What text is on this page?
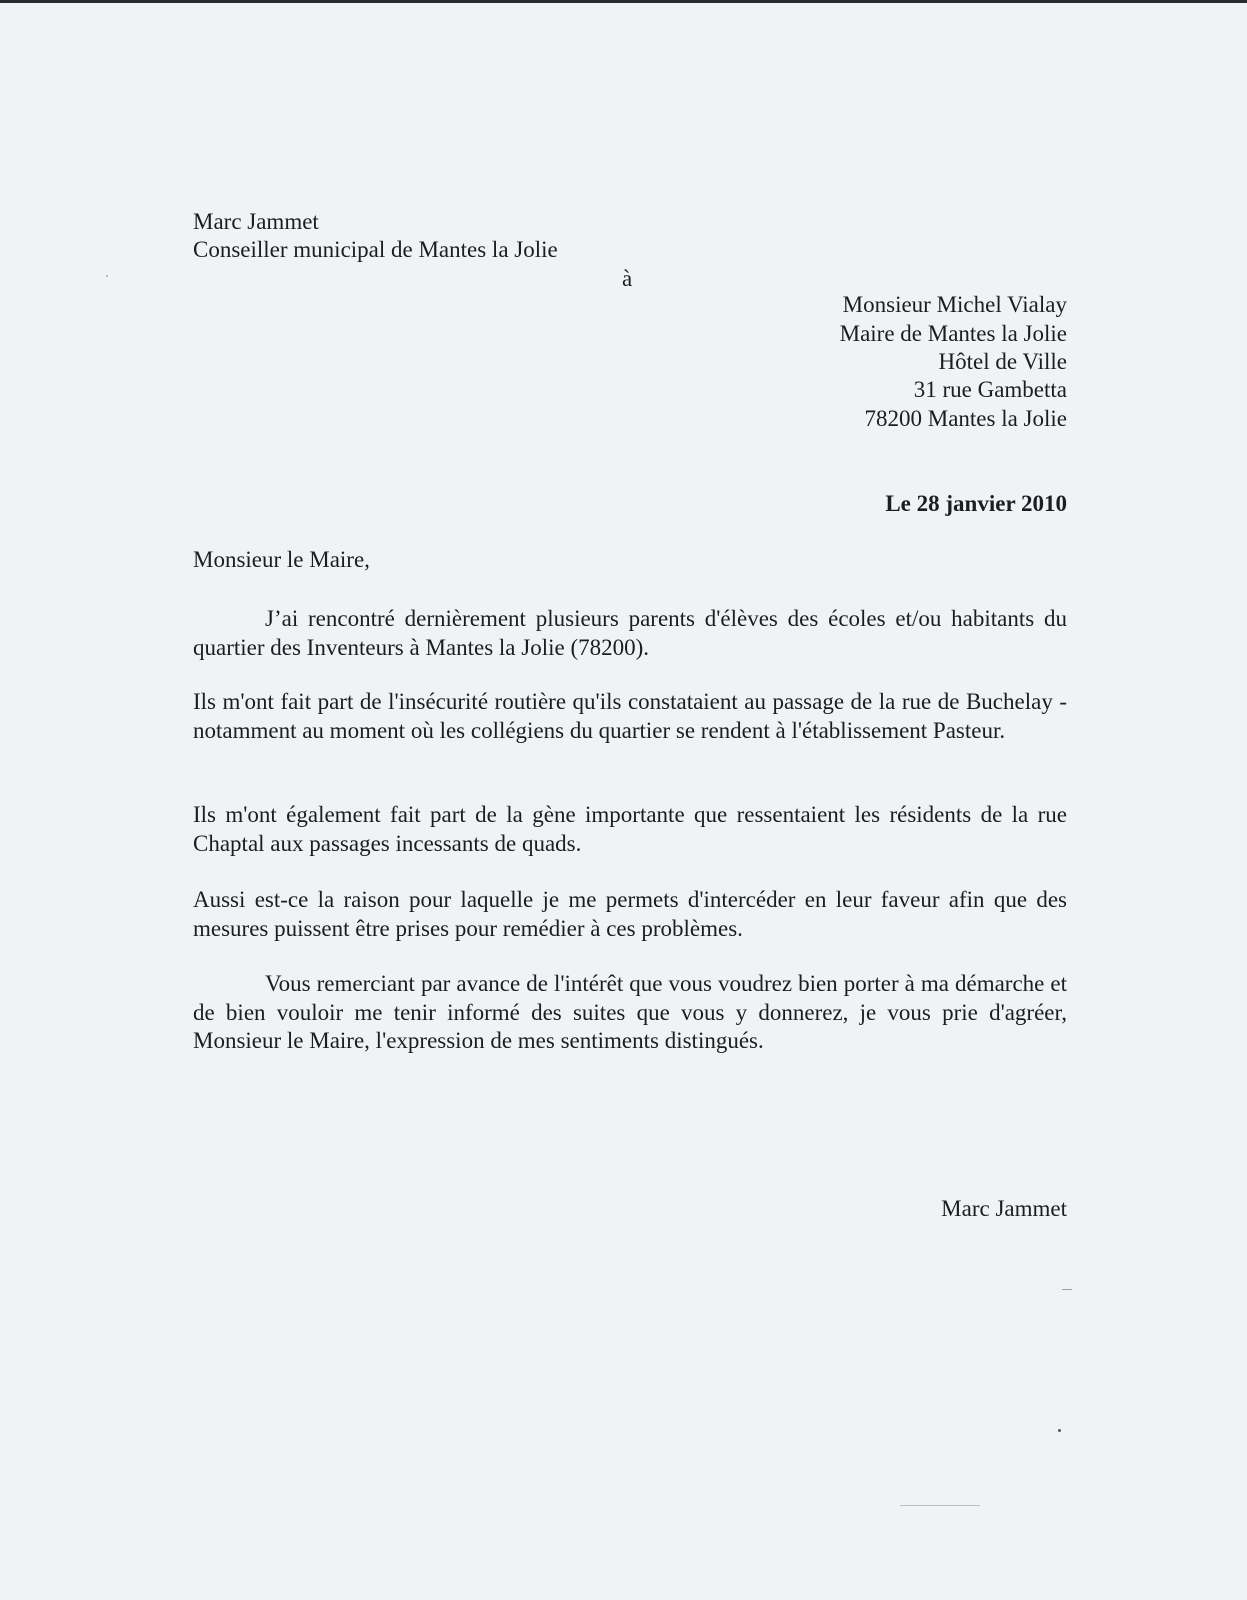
Marc Jammet
Conseiller municipal de Mantes la Jolie
à
Monsieur Michel Vialay
Maire de Mantes la Jolie
Hôtel de Ville
31 rue Gambetta
78200 Mantes la Jolie
Le 28 janvier 2010
Monsieur le Maire,
J’ai rencontré dernièrement plusieurs parents d'élèves des écoles et/ou habitants du quartier des Inventeurs à Mantes la Jolie (78200).
Ils m'ont fait part de l'insécurité routière qu'ils constataient au passage de la rue de Buchelay - notamment au moment où les collégiens du quartier se rendent à l'établissement Pasteur.
Ils m'ont également fait part de la gène importante que ressentaient les résidents de la rue Chaptal aux passages incessants de quads.
Aussi est-ce la raison pour laquelle je me permets d'intercéder en leur faveur afin que des mesures puissent être prises pour remédier à ces problèmes.
Vous remerciant par avance de l'intérêt que vous voudrez bien porter à ma démarche et de bien vouloir me tenir informé des suites que vous y donnerez, je vous prie d'agréer, Monsieur le Maire, l'expression de mes sentiments distingués.
Marc Jammet
